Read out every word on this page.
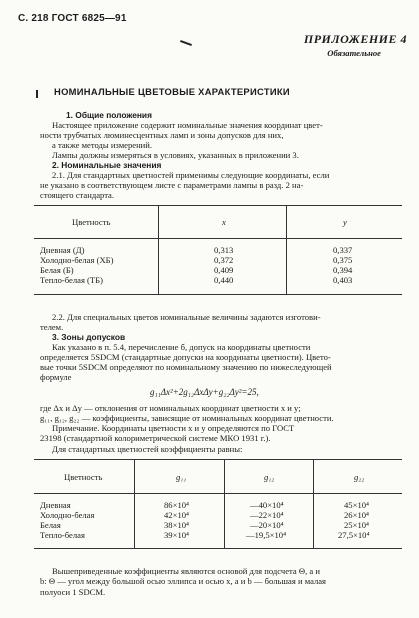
С. 218 ГОСТ 6825—91
ПРИЛОЖЕНИЕ 4
Обязательное
НОМИНАЛЬНЫЕ ЦВЕТОВЫЕ ХАРАКТЕРИСТИКИ
1. Общие положения
Настоящее приложение содержит номинальные значения координат цвет-
ности трубчатых люминесцентных ламп и зоны допусков для них,
а также методы измерений.
Лампы должны измеряться в условиях, указанных в приложении 3.
2. Номинальные значения
2.1. Для стандартных цветностей применимы следующие координаты, если
не указано в соответствующем листе с параметрами лампы в разд. 2 на-
стоящего стандарта.
Цветность	x	y
Дневная (Д)	0,313	0,337
Холодно-белая (ХБ)	0,372	0,375
Белая (Б)	0,409	0,394
Тепло-белая (ТБ)	0,440	0,403
2.2. Для специальных цветов номинальные величины задаются изготови-
телем.
3. Зоны допусков
Как указано в п. 5.4, перечисление б, допуск на координаты цветности
определяется 5SDCM (стандартные допуски на координаты цветности). Цвето-
вые точки 5SDCM определяют по номинальному значению по нижеследующей
формуле
g₁₁Δx²+2g₁₂ΔxΔy+g₂₂Δy²=25,
где Δx и Δy — отклонения от номинальных координат цветности x и y;
g₁₁, g₁₂, g₂₂ — коэффициенты, зависящие от номинальных координат цветности.
Примечание. Координаты цветности x и y определяются по ГОСТ
23198 (стандартной колориметрической системе МКО 1931 г.).
Для стандартных цветностей коэффициенты равны:
Цветность	g₁₁	g₁₂	g₂₂
Дневная	86×10⁴	—40×10⁴	45×10⁴
Холодно-белая	42×10⁴	—22×10⁴	26×10⁴
Белая	38×10⁴	—20×10⁴	25×10⁴
Тепло-белая	39×10⁴	—19,5×10⁴	27,5×10⁴
Вышеприведенные коэффициенты являются основой для подсчета Θ, a и
b: Θ — угол между большой осью эллипса и осью x, a и b — большая и малая
полуоси 1 SDCM.
